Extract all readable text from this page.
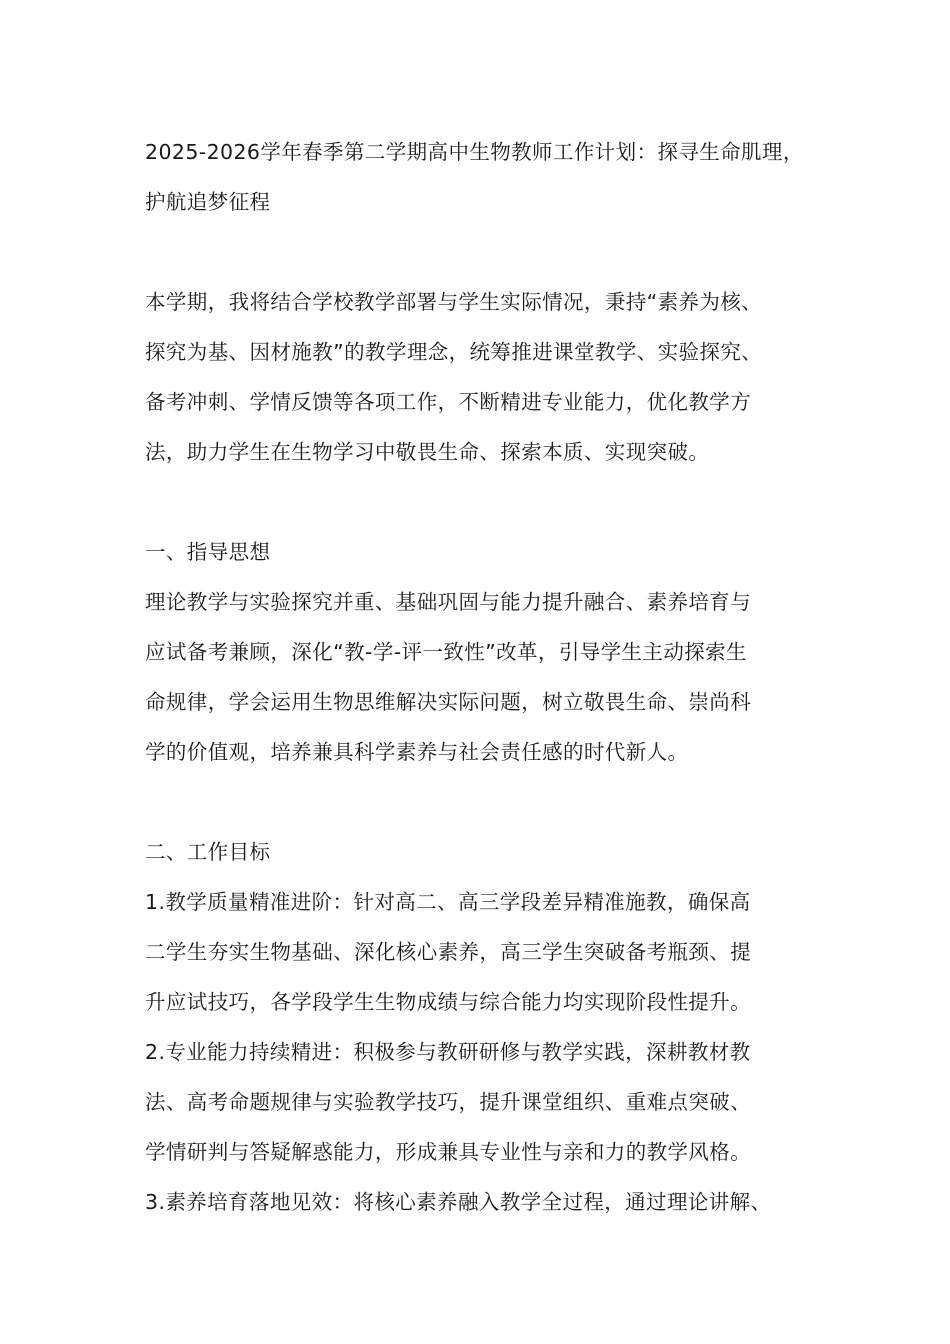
2025-2026学年春季第二学期高中生物教师工作计划：探寻生命肌理，
护航追梦征程
本学期，我将结合学校教学部署与学生实际情况，秉持“素养为核、
探究为基、因材施教”的教学理念，统筹推进课堂教学、实验探究、
备考冲刺、学情反馈等各项工作，不断精进专业能力，优化教学方
法，助力学生在生物学习中敬畏生命、探索本质、实现突破。
一、指导思想
理论教学与实验探究并重、基础巩固与能力提升融合、素养培育与
应试备考兼顾，深化“教-学-评一致性”改革，引导学生主动探索生
命规律，学会运用生物思维解决实际问题，树立敬畏生命、崇尚科
学的价值观，培养兼具科学素养与社会责任感的时代新人。
二、工作目标
1.教学质量精准进阶：针对高二、高三学段差异精准施教，确保高
二学生夯实生物基础、深化核心素养，高三学生突破备考瓶颈、提
升应试技巧，各学段学生生物成绩与综合能力均实现阶段性提升。
2.专业能力持续精进：积极参与教研研修与教学实践，深耕教材教
法、高考命题规律与实验教学技巧，提升课堂组织、重难点突破、
学情研判与答疑解惑能力，形成兼具专业性与亲和力的教学风格。
3.素养培育落地见效：将核心素养融入教学全过程，通过理论讲解、
